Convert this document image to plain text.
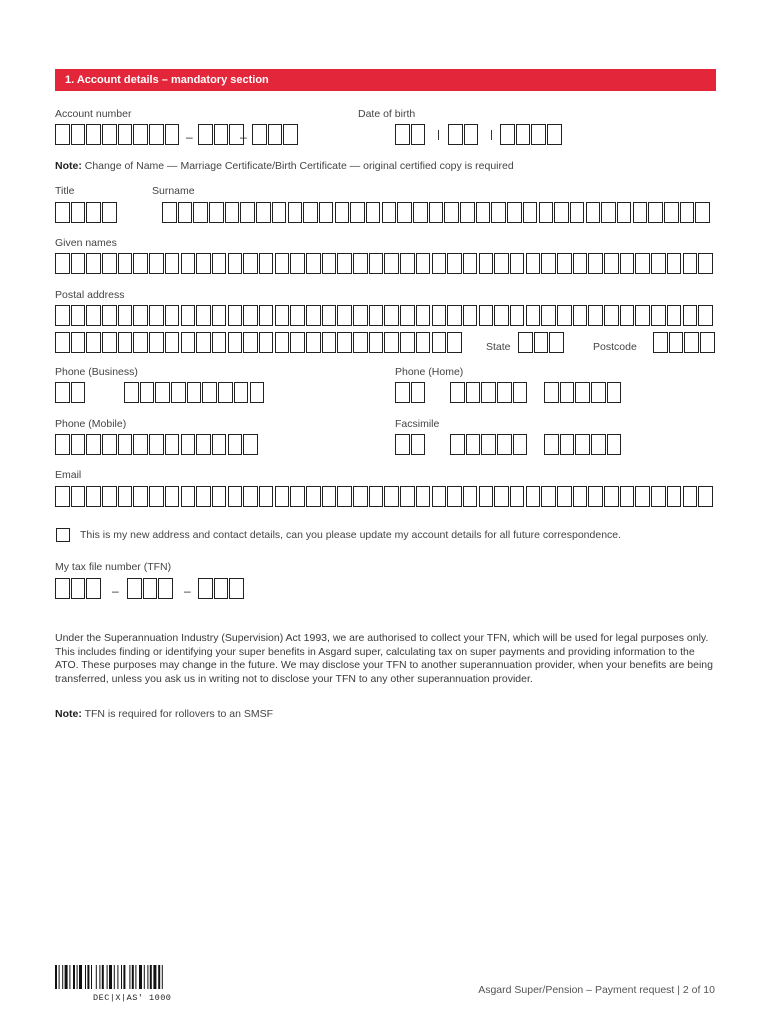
1. Account details – mandatory section
Account number	Date of birth
–	–
Note: Change of Name — Marriage Certificate/Birth Certificate — original certified copy is required
Title	Surname
Given names
Postal address
State	Postcode
Phone (Business)	Phone (Home)
Phone (Mobile)	Facsimile
Email
This is my new address and contact details, can you please update my account details for all future correspondence.
My tax file number (TFN)
–	–
Under the Superannuation Industry (Supervision) Act 1993, we are authorised to collect your TFN, which will be used for legal purposes only. This includes finding or identifying your super benefits in Asgard super, calculating tax on super payments and providing information to the ATO. These purposes may change in the future. We may disclose your TFN to another superannuation provider, when your benefits are being transferred, unless you ask us in writing not to disclose your TFN to any other superannuation provider.
Note: TFN is required for rollovers to an SMSF
DEC|X|AS' 1000
Asgard Super/Pension – Payment request | 2 of 10
